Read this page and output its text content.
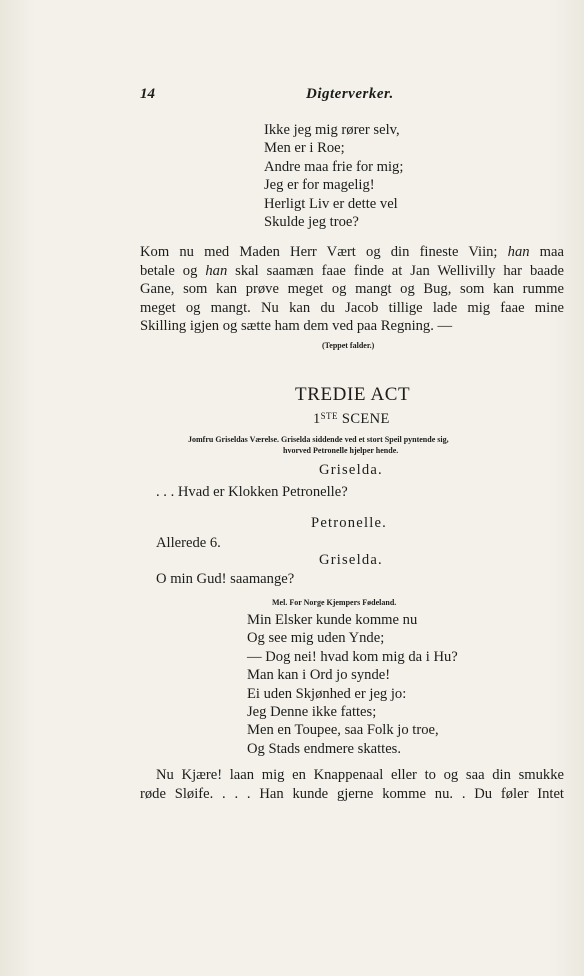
14	Digterverker.
Ikke jeg mig rører selv,
Men er i Roe;
Andre maa frie for mig;
Jeg er for magelig!
Herligt Liv er dette vel
Skulde jeg troe?
Kom nu med Maden Herr Vært og din fineste Viin; han maa
betale og han skal saamæn faae finde at Jan Wellivilly har baade
Gane, som kan prøve meget og mangt og Bug, som kan rumme
meget og mangt. Nu kan du Jacob tillige lade mig faae mine
Skilling igjen og sætte ham dem ved paa Regning. —
(Teppet falder.)
TREDIE ACT
1STE SCENE
Jomfru Griseldas Værelse. Griselda siddende ved et stort Speil pyntende sig,
hvorved Petronelle hjelper hende.
Griselda.
. . . Hvad er Klokken Petronelle?
Petronelle.
Allerede 6.
Griselda.
O min Gud! saamange?
Mel. For Norge Kjempers Fødeland.
Min Elsker kunde komme nu
Og see mig uden Ynde;
— Dog nei! hvad kom mig da i Hu?
Man kan i Ord jo synde!
Ei uden Skjønhed er jeg jo:
Jeg Denne ikke fattes;
Men en Toupee, saa Folk jo troe,
Og Stads endmere skattes.
Nu Kjære! laan mig en Knappenaal eller to og saa din smukke
røde Sløife. . . . Han kunde gjerne komme nu. . Du føler Intet
